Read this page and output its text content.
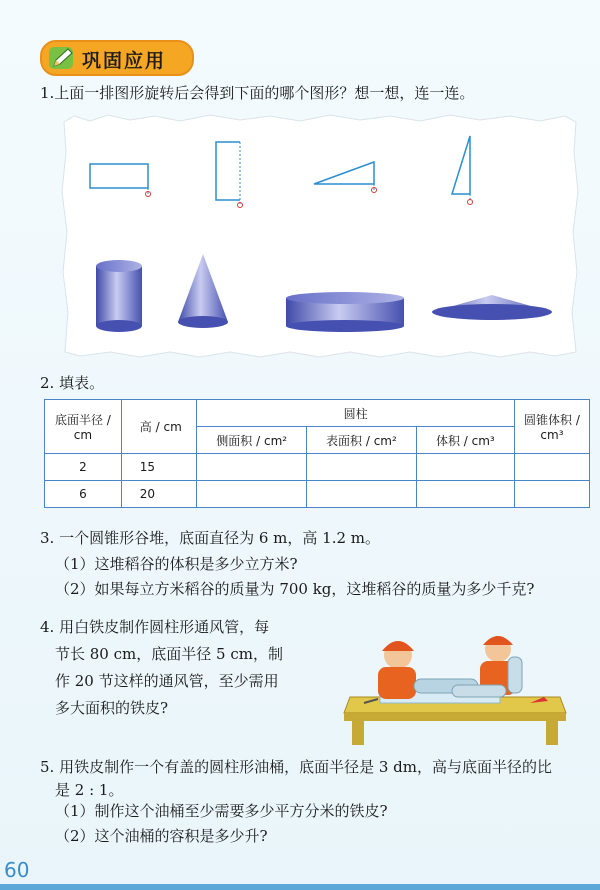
巩固应用
1.上面一排图形旋转后会得到下面的哪个图形？想一想，连一连。
2. 填表。
底面半径 / cm	高 / cm	圆柱			圆锥体积 / cm³
		侧面积 / cm²	表面积 / cm²	体积 / cm³	
2	15				
6	20				
3. 一个圆锥形谷堆，底面直径为 6 m，高 1.2 m。
（1）这堆稻谷的体积是多少立方米?
（2）如果每立方米稻谷的质量为 700 kg，这堆稻谷的质量为多少千克?
4. 用白铁皮制作圆柱形通风管，每
节长 80 cm，底面半径 5 cm，制
作 20 节这样的通风管，至少需用
多大面积的铁皮?
5. 用铁皮制作一个有盖的圆柱形油桶，底面半径是 3 dm，高与底面半径的比
是 2 : 1。
（1）制作这个油桶至少需要多少平方分米的铁皮?
（2）这个油桶的容积是多少升?
60
